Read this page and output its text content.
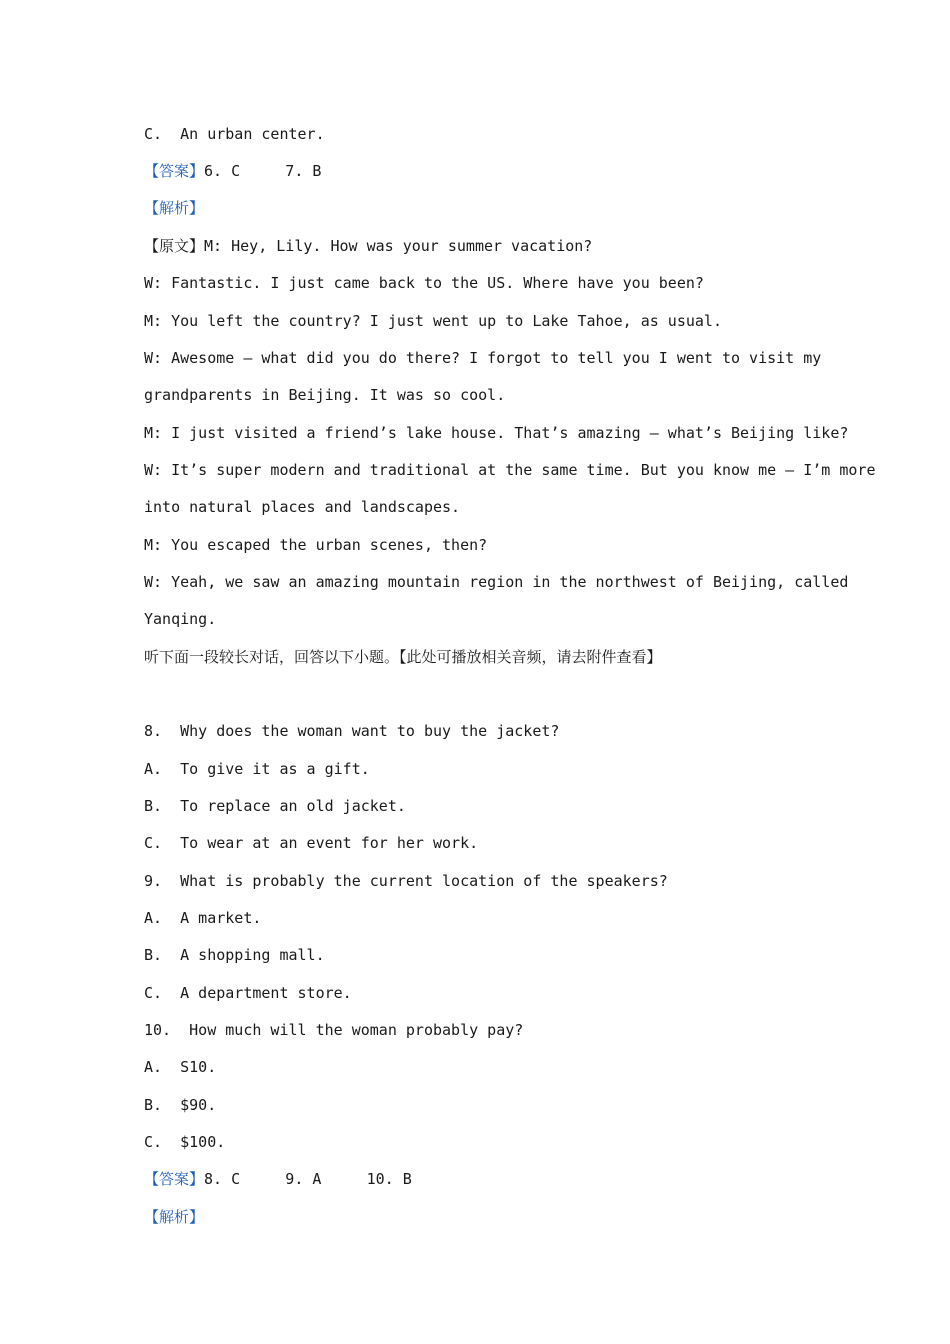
C.  An urban center.
【答案】6. C     7. B
【解析】
【原文】M: Hey, Lily. How was your summer vacation?
W: Fantastic. I just came back to the US. Where have you been?
M: You left the country? I just went up to Lake Tahoe, as usual.
W: Awesome — what did you do there? I forgot to tell you I went to visit my
grandparents in Beijing. It was so cool.
M: I just visited a friend’s lake house. That’s amazing — what’s Beijing like?
W: It’s super modern and traditional at the same time. But you know me — I’m more
into natural places and landscapes.
M: You escaped the urban scenes, then?
W: Yeah, we saw an amazing mountain region in the northwest of Beijing, called
Yanqing.
听下面一段较长对话，回答以下小题。【此处可播放相关音频，请去附件查看】
8.  Why does the woman want to buy the jacket?
A.  To give it as a gift.
B.  To replace an old jacket.
C.  To wear at an event for her work.
9.  What is probably the current location of the speakers?
A.  A market.
B.  A shopping mall.
C.  A department store.
10.  How much will the woman probably pay?
A.  S10.
B.  $90.
C.  $100.
【答案】8. C     9. A     10. B
【解析】
